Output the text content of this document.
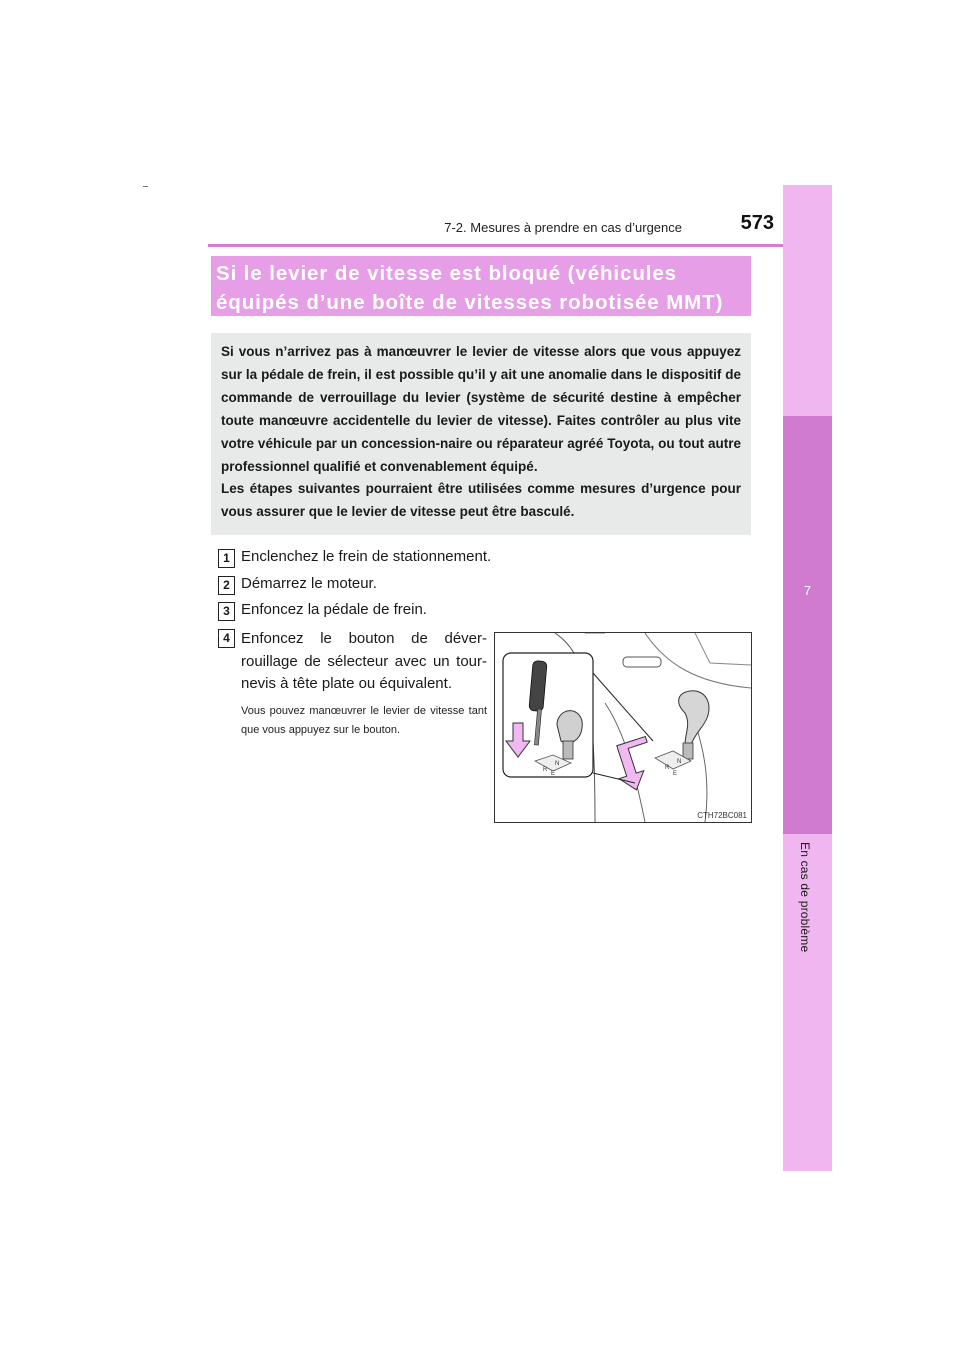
7-2. Mesures à prendre en cas d’urgence	573
7
En cas de problème
Si le levier de vitesse est bloqué (véhicules équipés d’une boîte de vitesses robotisée MMT)

Si vous n’arrivez pas à manœuvrer le levier de vitesse alors que vous appuyez sur la pédale de frein, il est possible qu’il y ait une anomalie dans le dispositif de commande de verrouillage du levier (système de sécurité destine à empêcher toute manœuvre accidentelle du levier de vitesse). Faites contrôler au plus vite votre véhicule par un concession-naire ou réparateur agréé Toyota, ou tout autre professionnel qualifié et convenablement équipé.

Les étapes suivantes pourraient être utilisées comme mesures d’urgence pour vous assurer que le levier de vitesse peut être basculé.

1 Enclenchez le frein de stationnement.
2 Démarrez le moteur.
3 Enfoncez la pédale de frein.
4 Enfoncez le bouton de déver-rouillage de sélecteur avec un tour-nevis à tête plate ou équivalent.
Vous pouvez manœuvrer le levier de vitesse tant que vous appuyez sur le bouton.
N
R
E
N
R
E
CTH72BC081
